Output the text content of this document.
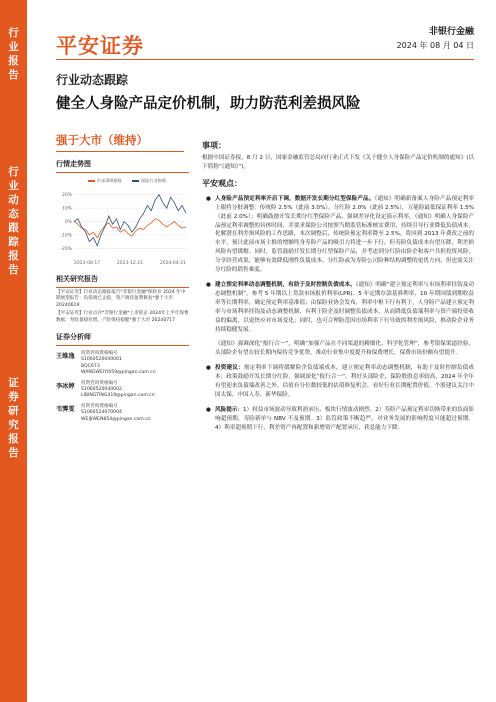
行业报告
行业动态跟踪报告
证券研究报告
平安证券
非银行金融
2024 年 08 月 04 日
行业动态跟踪
健全人身险产品定价机制，助力防范利差损风险
强于大市（维持）
行情走势图
沪深300指数	保险行业指数
20%
10%
0%
-10%
-20%
2023-08-17	2023-12-21	2024-04-21
相关研究报告

【平安证券】行业动态跟踪报告*非银行金融*保险业 2024 年中期展望报告：负债端已企稳，资产端待盈利修复*强于大市 20240619

【平安证券】行业点评*非银行金融*上市险企 2024年上半年保费数据：寿险量稳价增，产险保持稳健*强于大市 20240717

证券分析师
王维逸	投资咨询资格编号

S1060520040001

BQC673

WANGWEIYI059@pingan.com.cn

李冰婷	投资咨询资格编号

S1060520040002

LIBINGTING419@pingan.com.cn

韦霁雯	投资咨询资格编号

S1060524070004

WEIJIWEN854@pingan.com.cn

事项：
根据中国证券报，8 月 2 日，国家金融监管总局向行业正式下发《关于健全人身保险产品定价机制的通知》(以下简称“《通知》”)。
平安观点：
● 人身险产品预定利率开启下调，数据开发长期分红型保险产品。《通知》明确新备案人身险产品预定利率上限将分批调整：传统险 2.5%（此前 3.0%），分红险 2.0%（此前 2.5%），万能险最低保证利率 1.5%（此前 2.0%）；明确鼓励开发长期分红型保险产品，强调差异化设定演示利率，《通知》明确人身保险产品预定利率调整的具体时间，并要求保险公司按照当期监管标准核实费用，持续引导行业降低负债成本，化解潜在利差损风险的工作思路，本次调整后，传统险预定利率降至 2.5%，将回到 2013 年费改之前的水平，预计此前市场主推的增额终身寿险产品的吸引力将进一步下行，但寿险负债成本有望压降，利差损风险有望缓解。同时，监管鼓励开发长期分红型保险产品，并考虑到分红险由险企和客户共担投资风险，分享经营成果，能够有效降低刚性负债成本，分红险或为寿险公司险种结构调整的更优方向，但也需关注分红险的销售难度。
● 建立预定利率动态调整机制，有助于及时控制负债成本。《通知》明确“建立预定利率与市场利率挂钩及动态调整机制”，参考 5 年期以上贷款市场报价利率(LPR)、5 年定期存款基准利率、10 年期国债到期收益率等长期利率，确定预定利率基准值；由保险业协会发布，利率中枢下行有利于，人身险产品建立预定利率与市场利率挂钩及动态调整机制，有利于险企及时调整负债成本，从而降低负债端利率与资产端投资收益的偏离，以更快应对市场变化；同时，也可合理防范因市场利率下行导致的利差损风险，推动险企业务持续稳健发展。
《通知》强调深化“报行合一”，明确“加强产品在不同渠道的精细化、科学化管理”，参考银保渠道经验，头部险企有望在较长期内保持竞争优势，推动行业集中度提升和保费增长，保费市场份额有望提升。
● 投资建议：预定利率下调将缓解险企负债端成本，建立预定利率动态调整机制，有助于及时控制负债成本；政策鼓励开发长期分红险，强调深化“报行合一”，利好头部险企，保险股股息率较高，2024 年全年有望迎来负债端改善之外，估值有分位数较低的估值修复机会，看好行业长期配置价值，个股建议关注中国太保、中国人寿、新华保险。
● 风险提示：1）权益市场波动导致利润承压、板块行情波动剧烈。2）寿险产品预定利率切换带来的负面影响超预期，寿险新单与 NBV 不及预期。3）监管政策不断趋严，对业务发展的影响程度可能超过预期。4）利率超预期下行，利差资产再配置和新增资产配置承压，获息能力下降。
